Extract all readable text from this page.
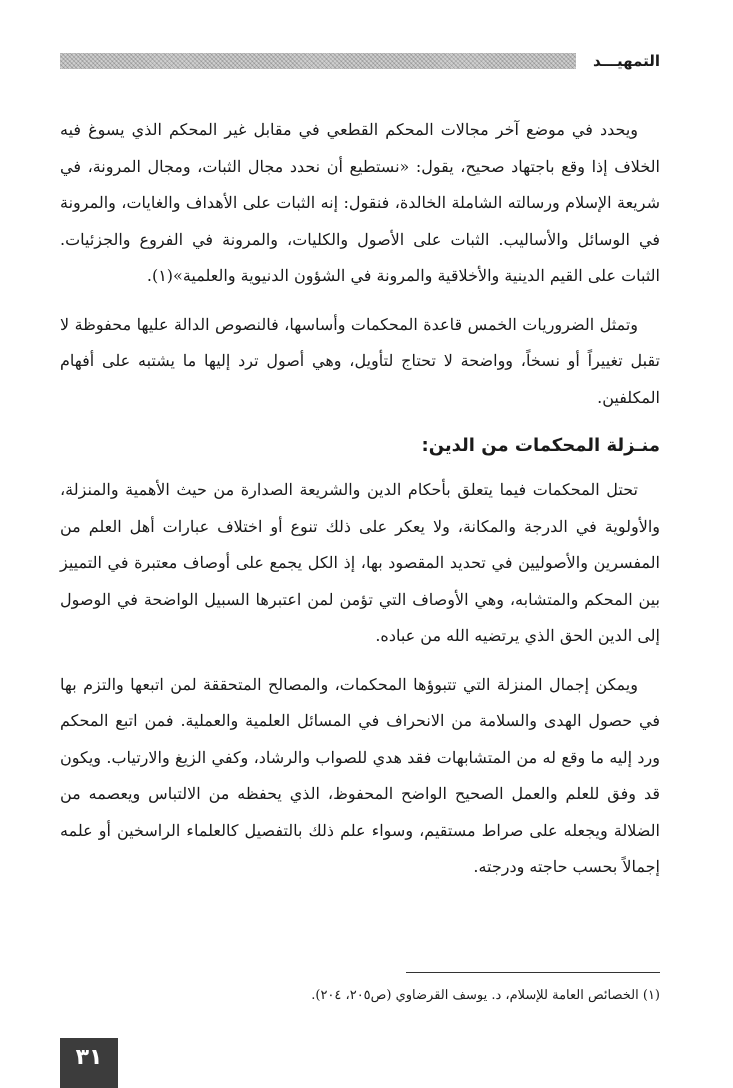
التمهيـــد

ويحدد في موضع آخر مجالات المحكم القطعي في مقابل غير المحكم الذي يسوغ فيه الخلاف إذا وقع باجتهاد صحيح، يقول: «نستطيع أن نحدد مجال الثبات، ومجال المرونة، في شريعة الإسلام ورسالته الشاملة الخالدة، فنقول: إنه الثبات على الأهداف والغايات، والمرونة في الوسائل والأساليب. الثبات على الأصول والكليات، والمرونة في الفروع والجزئيات. الثبات على القيم الدينية والأخلاقية والمرونة في الشؤون الدنيوية والعلمية»(١).

وتمثل الضروريات الخمس قاعدة المحكمات وأساسها، فالنصوص الدالة عليها محفوظة لا تقبل تغييراً أو نسخاً، وواضحة لا تحتاج لتأويل، وهي أصول ترد إليها ما يشتبه على أفهام المكلفين.

منـزلة المحكمات من الدين:

تحتل المحكمات فيما يتعلق بأحكام الدين والشريعة الصدارة من حيث الأهمية والمنزلة، والأولوية في الدرجة والمكانة، ولا يعكر على ذلك تنوع أو اختلاف عبارات أهل العلم من المفسرين والأصوليين في تحديد المقصود بها، إذ الكل يجمع على أوصاف معتبرة في التمييز بين المحكم والمتشابه، وهي الأوصاف التي تؤمن لمن اعتبرها السبيل الواضحة في الوصول إلى الدين الحق الذي يرتضيه الله من عباده.

ويمكن إجمال المنزلة التي تتبوؤها المحكمات، والمصالح المتحققة لمن اتبعها والتزم بها في حصول الهدى والسلامة من الانحراف في المسائل العلمية والعملية. فمن اتبع المحكم ورد إليه ما وقع له من المتشابهات فقد هدي للصواب والرشاد، وكفي الزيغ والارتياب. ويكون قد وفق للعلم والعمل الصحيح الواضح المحفوظ، الذي يحفظه من الالتباس ويعصمه من الضلالة ويجعله على صراط مستقيم، وسواء علم ذلك بالتفصيل كالعلماء الراسخين أو علمه إجمالاً بحسب حاجته ودرجته.

(١) الخصائص العامة للإسلام، د. يوسف القرضاوي (ص٢٠٥، ٢٠٤).
٣١
